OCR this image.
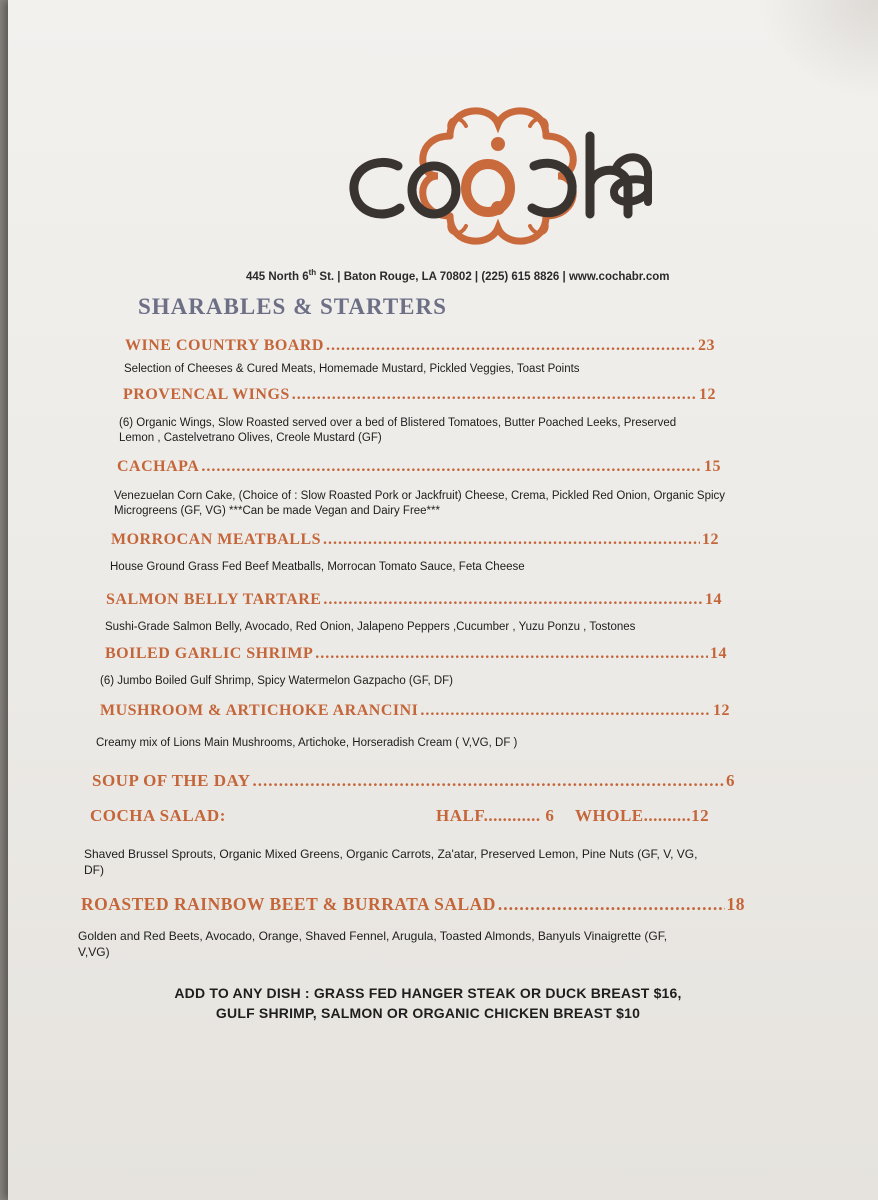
445 North 6th St. | Baton Rouge, LA 70802 | (225) 615 8826 | www.cochabr.com
SHARABLES & STARTERS
WINE COUNTRY BOARD .....	23
Selection of Cheeses & Cured Meats, Homemade Mustard, Pickled Veggies, Toast Points
PROVENCAL WINGS .....	12
(6) Organic Wings, Slow Roasted served over a bed of Blistered Tomatoes, Butter Poached Leeks, Preserved Lemon , Castelvetrano Olives, Creole Mustard (GF)
CACHAPA .....	15
Venezuelan Corn Cake, (Choice of : Slow Roasted Pork or Jackfruit) Cheese, Crema, Pickled Red Onion, Organic Spicy Microgreens (GF, VG) ***Can be made Vegan and Dairy Free***
MORROCAN MEATBALLS .....	12
House Ground Grass Fed Beef Meatballs, Morrocan Tomato Sauce, Feta Cheese
SALMON BELLY TARTARE .....	14
Sushi-Grade Salmon Belly, Avocado, Red Onion, Jalapeno Peppers ,Cucumber , Yuzu Ponzu , Tostones
BOILED GARLIC SHRIMP .....	14
(6) Jumbo Boiled Gulf Shrimp, Spicy Watermelon Gazpacho (GF, DF)
MUSHROOM & ARTICHOKE ARANCINI .....	12
Creamy mix of Lions Main Mushrooms, Artichoke, Horseradish Cream ( V,VG, DF )
SOUP OF THE DAY .....	6
COCHA SALAD:	HALF............ 6 WHOLE..........12
Shaved Brussel Sprouts, Organic Mixed Greens, Organic Carrots, Za'atar, Preserved Lemon, Pine Nuts (GF, V, VG, DF)
ROASTED RAINBOW BEET & BURRATA SALAD .....	18
Golden and Red Beets, Avocado, Orange, Shaved Fennel, Arugula, Toasted Almonds, Banyuls Vinaigrette (GF, V,VG)
ADD TO ANY DISH : GRASS FED HANGER STEAK OR DUCK BREAST $16,
GULF SHRIMP, SALMON OR ORGANIC CHICKEN BREAST $10
